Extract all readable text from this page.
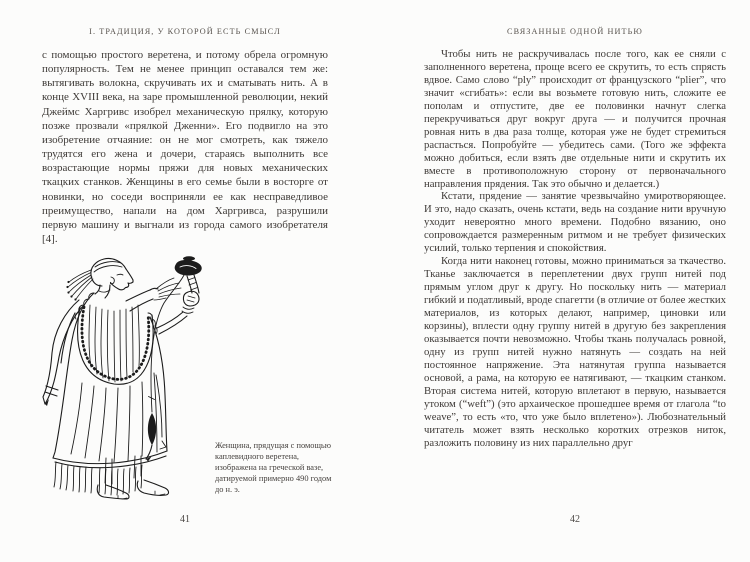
I. ТРАДИЦИЯ, У КОТОРОЙ ЕСТЬ СМЫСЛ
с помощью простого веретена, и потому обрела огромную популярность. Тем не менее принцип оставался тем же: вытягивать волокна, скручивать их и сматывать нить. А в конце XVIII века, на заре промышленной революции, некий Джеймс Харгривс изобрел механическую прялку, которую позже прозвали «прялкой Дженни». Его подвигло на это изобретение отчаяние: он не мог смотреть, как тяжело трудятся его жена и дочери, стараясь выполнить все возрастающие нормы пряжи для новых механических ткацких станков. Женщины в его семье были в восторге от новинки, но соседи восприняли ее как несправедливое преимущество, напали на дом Харгривса, разрушили первую машину и выгнали из города самого изобретателя [4].
Женщина, прядущая с помощью каплевидного веретена, изображена на греческой вазе, датируемой примерно 490 годом до н. э.
41
СВЯЗАННЫЕ ОДНОЙ НИТЬЮ

Чтобы нить не раскручивалась после того, как ее сняли с заполненного веретена, проще всего ее скрутить, то есть спрясть вдвое. Само слово “ply” происходит от французского “plier”, что значит «сгибать»: если вы возьмете готовую нить, сложите ее пополам и отпустите, две ее половинки начнут слегка перекручиваться друг вокруг друга — и получится прочная ровная нить в два раза толще, которая уже не будет стремиться распасться. Попробуйте — убедитесь сами. (Того же эффекта можно добиться, если взять две отдельные нити и скрутить их вместе в противоположную сторону от первоначального направления прядения. Так это обычно и делается.)

Кстати, прядение — занятие чрезвычайно умиротворяющее. И это, надо сказать, очень кстати, ведь на создание нити вручную уходит невероятно много времени. Подобно вязанию, оно сопровождается размеренным ритмом и не требует физических усилий, только терпения и спокойствия.

Когда нити наконец готовы, можно приниматься за ткачество. Тканье заключается в переплетении двух групп нитей под прямым углом друг к другу. Но поскольку нить — материал гибкий и податливый, вроде спагетти (в отличие от более жестких материалов, из которых делают, например, циновки или корзины), вплести одну группу нитей в другую без закрепления оказывается почти невозможно. Чтобы ткань получалась ровной, одну из групп нитей нужно натянуть — создать на ней постоянное напряжение. Эта натянутая группа называется основой, а рама, на которую ее натягивают, — ткацким станком. Вторая система нитей, которую вплетают в первую, называется утоком (“weft”) (это архаическое прошедшее время от глагола “to weave”, то есть «то, что уже было вплетено»). Любознательный читатель может взять несколько коротких отрезков ниток, разложить половину из них параллельно друг

42
